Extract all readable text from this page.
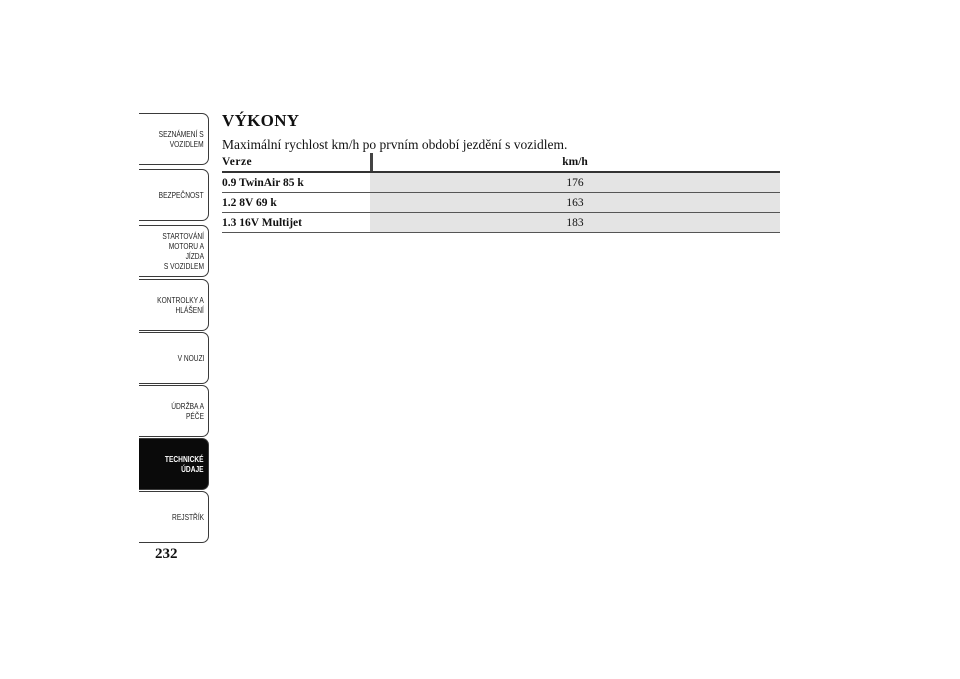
SEZNÁMENÍ S
VOZIDLEM
BEZPEČNOST
STARTOVÁNÍ
MOTORU A JÍZDA
S VOZIDLEM
KONTROLKY A
HLÁŠENÍ
V NOUZI
ÚDRŽBA A PÉČE
TECHNICKÉ
ÚDAJE
REJSTŘÍK
232
VÝKONY

Maximální rychlost km/h po prvním období jezdění s vozidlem.

Verze	km/h
0.9 TwinAir 85 k	176
1.2 8V 69 k	163
1.3 16V Multijet	183
